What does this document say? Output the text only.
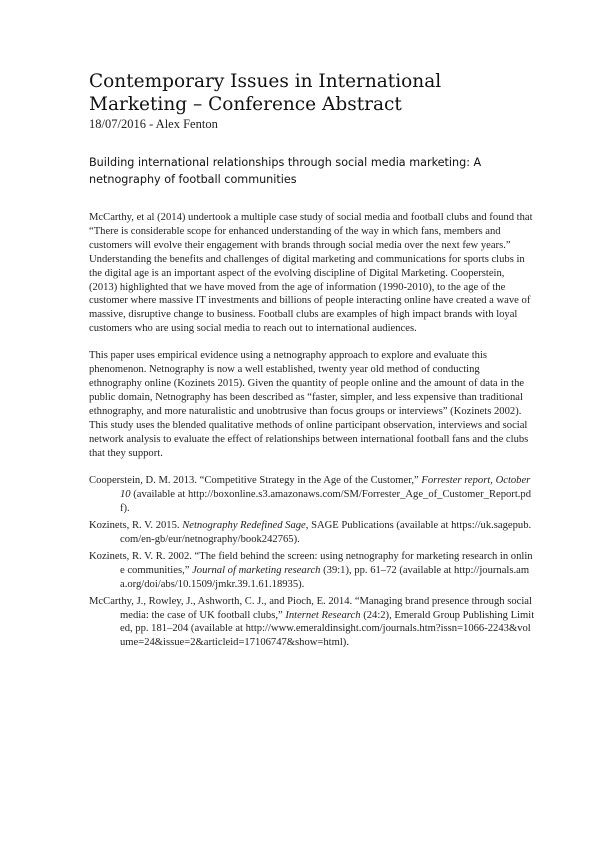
Contemporary Issues in International
Marketing – Conference Abstract
18/07/2016 - Alex Fenton
Building international relationships through social media marketing: A netnography of football communities

McCarthy, et al (2014) undertook a multiple case study of social media and football clubs and found that “There is considerable scope for enhanced understanding of the way in which fans, members and customers will evolve their engagement with brands through social media over the next few years.” Understanding the benefits and challenges of digital marketing and communications for sports clubs in the digital age is an important aspect of the evolving discipline of Digital Marketing. Cooperstein, (2013) highlighted that we have moved from the age of information (1990-2010), to the age of the customer where massive IT investments and billions of people interacting online have created a wave of massive, disruptive change to business. Football clubs are examples of high impact brands with loyal customers who are using social media to reach out to international audiences.

This paper uses empirical evidence using a netnography approach to explore and evaluate this phenomenon. Netnography is now a well established, twenty year old method of conducting ethnography online (Kozinets 2015). Given the quantity of people online and the amount of data in the public domain, Netnography has been described as “faster, simpler, and less expensive than traditional ethnography, and more naturalistic and unobtrusive than focus groups or interviews” (Kozinets 2002). This study uses the blended qualitative methods of online participant observation, interviews and social network analysis to evaluate the effect of relationships between international football fans and the clubs that they support.

Cooperstein, D. M. 2013. “Competitive Strategy in the Age of the Customer,” Forrester report, October10 (available at http://boxonline.s3.amazonaws.com/SM/Forrester_Age_of_Customer_Report.pdf).

Kozinets, R. V. 2015. Netnography Redefined Sage, SAGE Publications (available at https://uk.sagepub.com/en-gb/eur/netnography/book242765).

Kozinets, R. V. R. 2002. “The field behind the screen: using netnography for marketing research in online communities,” Journal of marketing research (39:1), pp. 61–72 (available at http://journals.ama.org/doi/abs/10.1509/jmkr.39.1.61.18935).

McCarthy, J., Rowley, J., Ashworth, C. J., and Pioch, E. 2014. “Managing brand presence through social media: the case of UK football clubs,” Internet Research (24:2), Emerald Group Publishing Limited, pp. 181–204 (available at http://www.emeraldinsight.com/journals.htm?issn=1066-2243&volume=24&issue=2&articleid=17106747&show=html).
